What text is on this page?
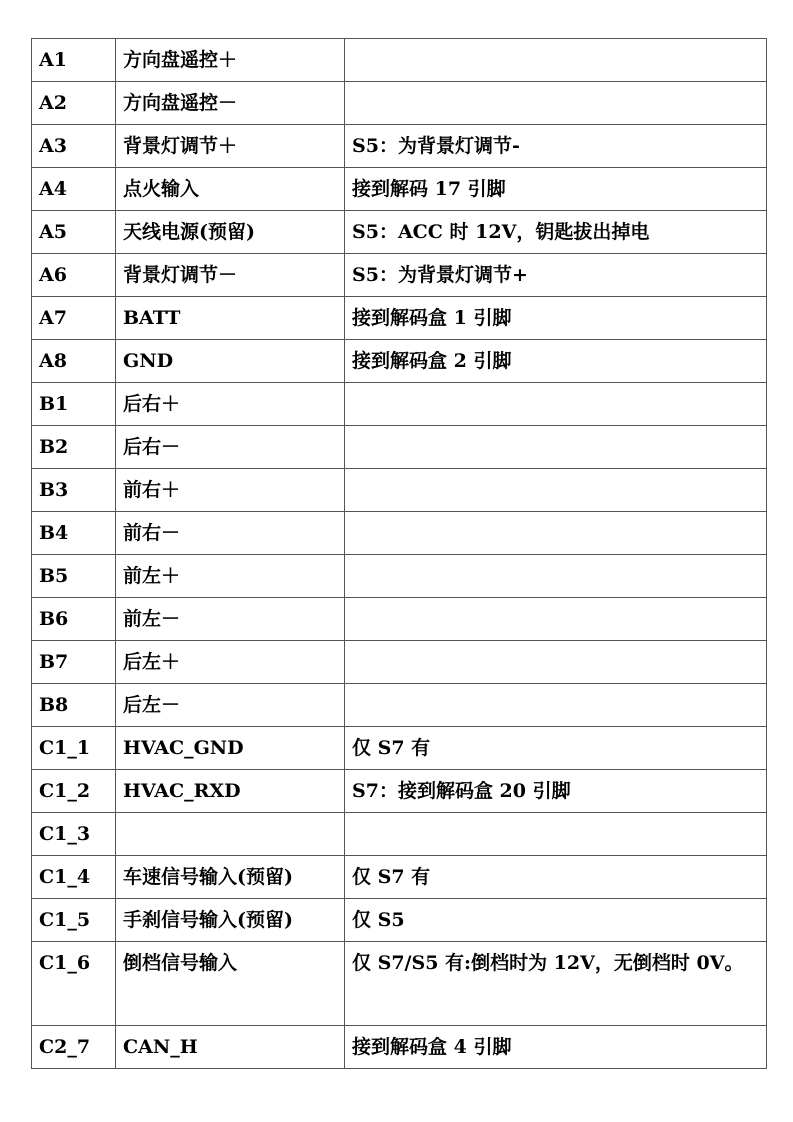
A1	方向盘遥控＋	
A2	方向盘遥控－	
A3	背景灯调节＋	S5：为背景灯调节-
A4	点火输入	接到解码 17 引脚
A5	天线电源(预留)	S5：ACC 时 12V，钥匙拔出掉电
A6	背景灯调节－	S5：为背景灯调节+
A7	BATT	接到解码盒 1 引脚
A8	GND	接到解码盒 2 引脚
B1	后右＋	
B2	后右－	
B3	前右＋	
B4	前右－	
B5	前左＋	
B6	前左－	
B7	后左＋	
B8	后左－	
C1_1	HVAC_GND	仅 S7 有
C1_2	HVAC_RXD	S7：接到解码盒 20 引脚
C1_3		
C1_4	车速信号输入(预留)	仅 S7 有
C1_5	手刹信号输入(预留)	仅 S5
C1_6	倒档信号输入	仅 S7/S5 有:倒档时为 12V，无倒档时 0V。
C2_7	CAN_H	接到解码盒 4 引脚
